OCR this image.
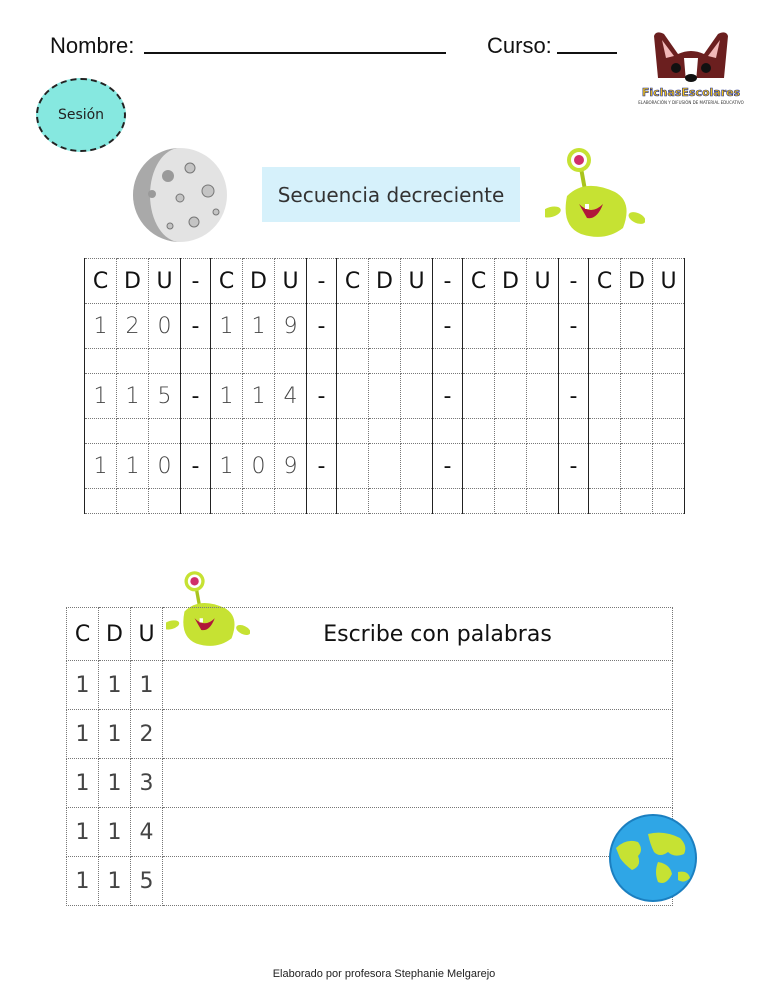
Nombre:	Curso:
FichasEscolares
ELABORACIÓN Y DIFUSIÓN DE MATERIAL EDUCATIVO
Sesión
Secuencia decreciente
C	D	U	-	C	D	U	-	C	D	U	-	C	D	U	-	C	D	U
1	2	0	-	1	1	9	-				-				-			

1	1	5	-	1	1	4	-				-				-			

1	1	0	-	1	0	9	-				-				-			

C	D	U	Escribe con palabras
1	1	1	
1	1	2	
1	1	3	
1	1	4	
1	1	5	
Elaborado por profesora Stephanie Melgarejo
